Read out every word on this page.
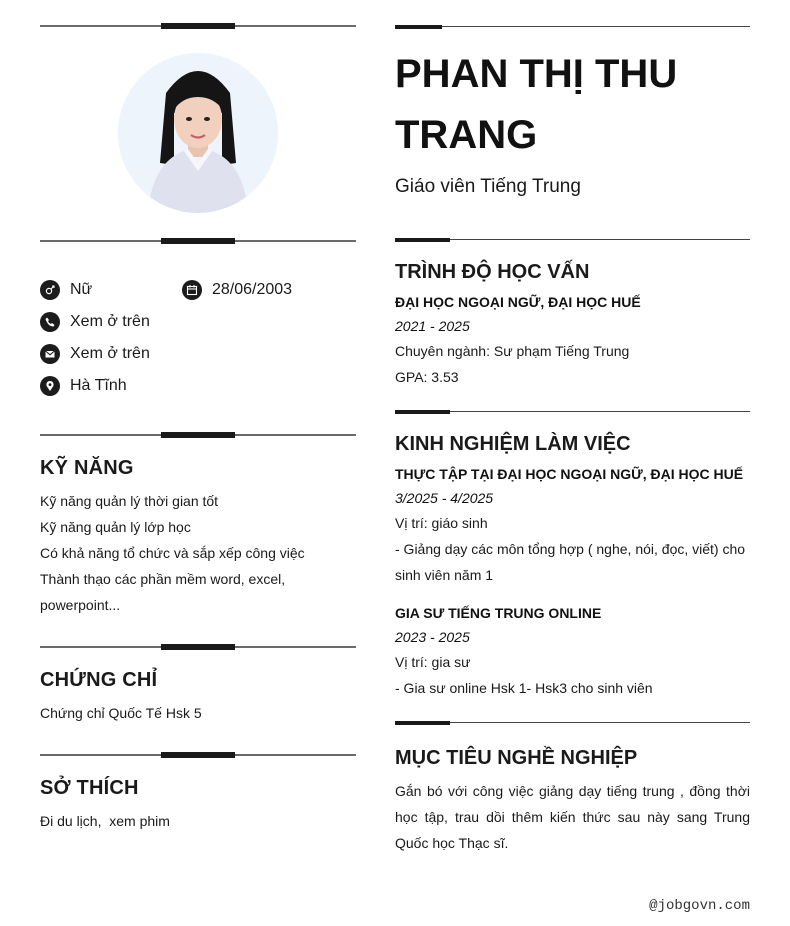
Nữ	28/06/2003
Xem ở trên
Xem ở trên
Hà Tĩnh
KỸ NĂNG
Kỹ năng quản lý thời gian tốt
Kỹ năng quản lý lớp học
Có khả năng tổ chức và sắp xếp công việc
Thành thạo các phần mềm word, excel,
powerpoint...
CHỨNG CHỈ
Chứng chỉ Quốc Tế Hsk 5
SỞ THÍCH
Đi du lịch,  xem phim
PHAN THỊ THU TRANG
Giáo viên Tiếng Trung
TRÌNH ĐỘ HỌC VẤN
ĐẠI HỌC NGOẠI NGỮ, ĐẠI HỌC HUẾ
2021 - 2025
Chuyên ngành: Sư phạm Tiếng Trung
GPA: 3.53
KINH NGHIỆM LÀM VIỆC
THỰC TẬP TẠI ĐẠI HỌC NGOẠI NGỮ, ĐẠI HỌC HUẾ
3/2025 - 4/2025
Vị trí: giáo sinh
- Giảng dạy các môn tổng hợp ( nghe, nói, đọc, viết) cho
sinh viên năm 1
GIA SƯ TIẾNG TRUNG ONLINE
2023 - 2025
Vị trí: gia sư
- Gia sư online Hsk 1- Hsk3 cho sinh viên
MỤC TIÊU NGHỀ NGHIỆP
Gắn bó với công việc giảng dạy tiếng trung , đồng thời học tập, trau dồi thêm kiến thức sau này sang Trung Quốc học Thạc sĩ.
@jobgovn.com
